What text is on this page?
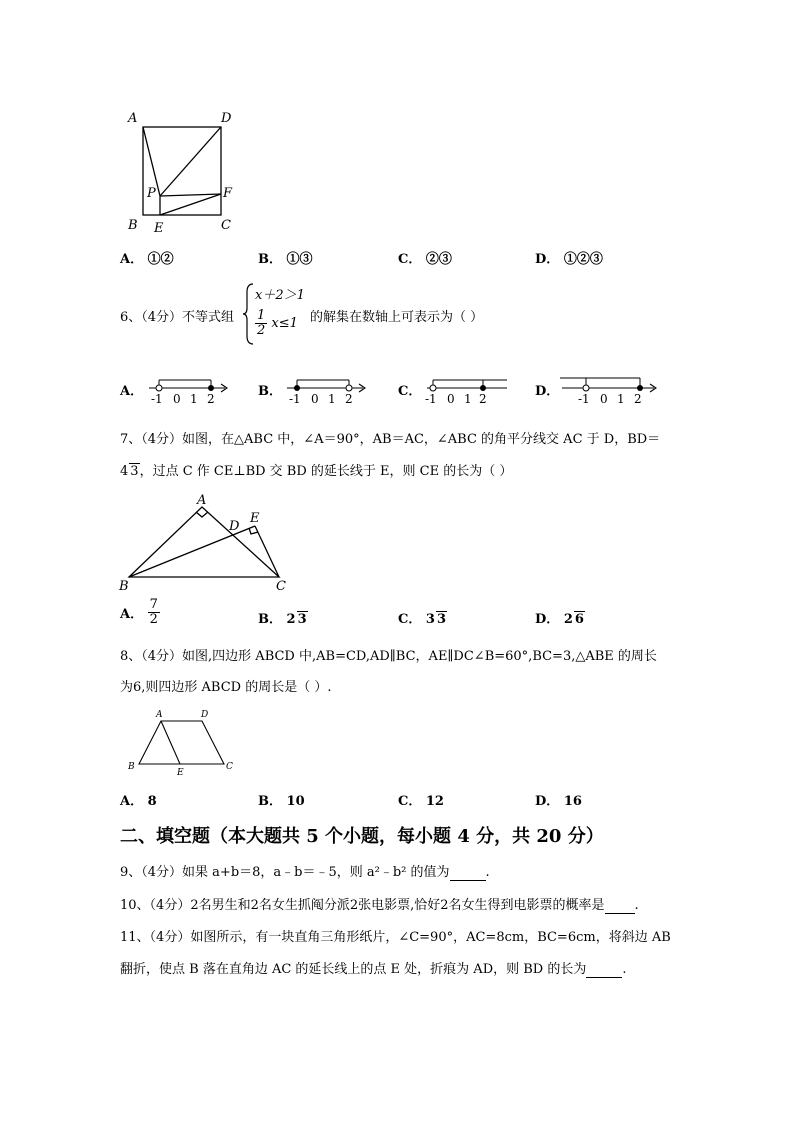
A	D
P	F
B E	C
A． ①②	B． ①③	C． ②③	D． ①②③
6、（4分）不等式组
x＋2＞1
$\frac{1}{2} x\le 1$ 的解集在数轴上可表示为（ ）
A． -1 0 1 2	B． -1 0 1 2	C． -1 0 1 2	D． -1 0 1 2
7、（4分）如图，在△ABC 中，∠A＝90°，AB＝AC，∠ABC 的角平分线交 AC 于 D，BD＝
4 3，过点 C 作 CE⊥BD 交 BD 的延长线于 E，则 CE 的长为（ ）
A
D
E
B	C
A． $\frac{7}{2}$	B． 2 3	C． 3 3	D． 2 6
8、（4分）如图,四边形 ABCD 中,AB=CD,AD∥BC，AE∥DC∠B=60°,BC=3,△ABE 的周长
为6,则四边形 ABCD 的周长是（ ）.
A	D
B
E
C
A． 8	B． 10	C． 12	D． 16
二、填空题（本大题共 5 个小题，每小题 4 分，共 20 分）
9、（4分）如果 a+b＝8，a﹣b＝﹣5，则 a²﹣b² 的值为	.
10、（4分）2名男生和2名女生抓阄分派2张电影票,恰好2名女生得到电影票的概率是 .
11、（4分）如图所示，有一块直角三角形纸片，∠C=90°，AC=8cm，BC=6cm，将斜边 AB
翻折，使点 B 落在直角边 AC 的延长线上的点 E 处，折痕为 AD，则 BD 的长为	.
